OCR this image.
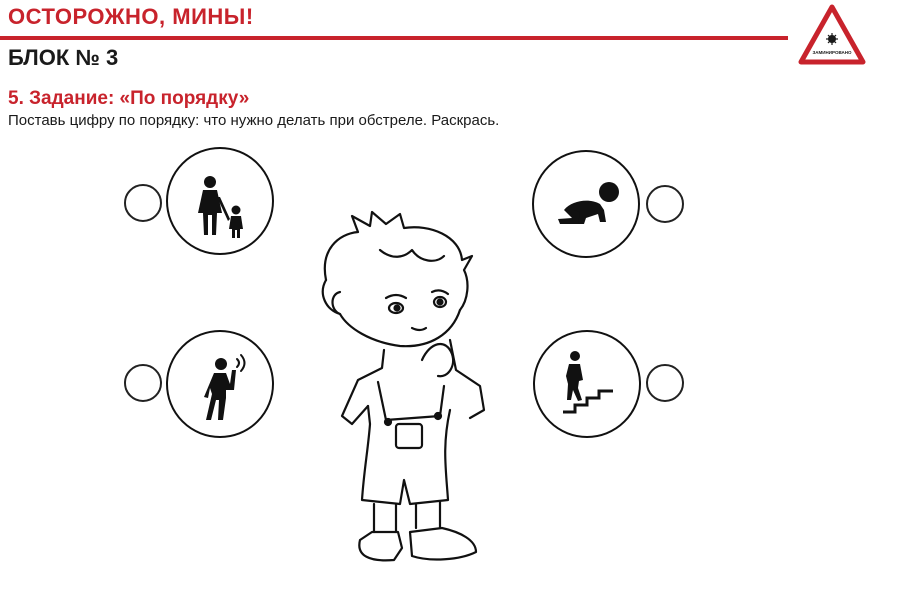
ОСТОРОЖНО, МИНЫ!
ЗАМИНИРОВАНО
БЛОК № 3
5. Задание: «По порядку»

Поставь цифру по порядку: что нужно делать при обстреле. Раскрась.
